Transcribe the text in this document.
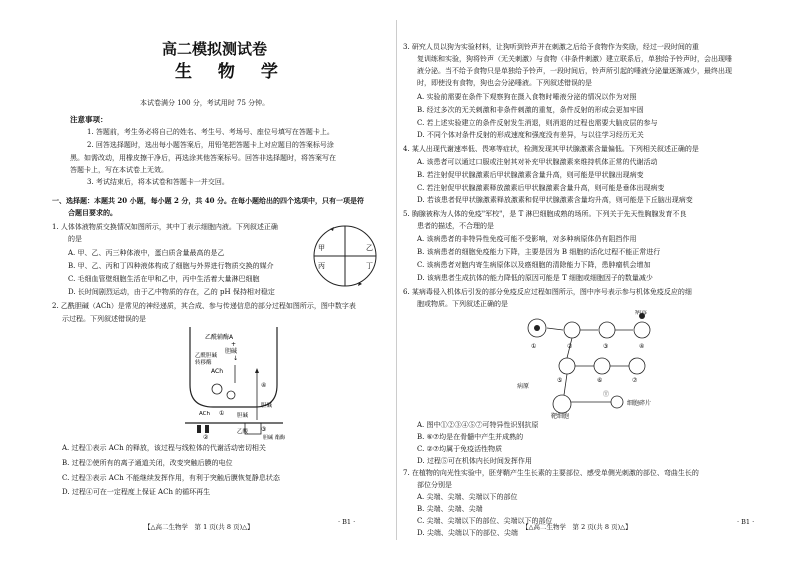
高二模拟测试卷
生 物 学
本试卷满分 100 分，考试用时 75 分钟。
注意事项：
1. 答题前，考生务必将自己的姓名、考生号、考场号、座位号填写在答题卡上。
2. 回答选择题时，选出每小题答案后，用铅笔把答题卡上对应题目的答案标号涂
黑。如需改动，用橡皮擦干净后，再选涂其他答案标号。回答非选择题时，将答案写在
答题卡上，写在本试卷上无效。
3. 考试结束后，将本试卷和答题卡一并交回。
一、选择题：本题共 20 小题，每小题 2 分，共 40 分。在每小题给出的四个选项中，只有一项是符
合题目要求的。
1. 人体体液物质交换情况如图所示，其中丁表示细胞内液。下列叙述正确
的是
A. 甲、乙、丙三种体液中，蛋白质含量最高的是乙
B. 甲、乙、丙和丁四种液体构成了细胞与外界进行物质交换的媒介
C. 毛细血管壁细胞生活在甲和乙中，丙中生活着大量淋巴细胞
D. 长时间剧烈运动，由于乙中物质的存在，乙的 pH 保持相对稳定
甲	乙
丙	丁
2. 乙酰胆碱（ACh）是常见的神经递质，其合成、参与传递信息的部分过程如图所示，图中数字表
示过程。下列叙述错误的是
乙酰辅酶A
+
胆碱
↓
乙酰胆碱
转移酶
ACh
①
②
③
④
ACh	胆碱
胆碱
乙酸
胆碱 酯酶
A. 过程①表示 ACh 的释放，该过程与线粒体的代谢活动密切相关
B. 过程②使所有的离子通道关闭，改变突触后膜的电位
C. 过程③表示 ACh 不能继续发挥作用，有利于突触后膜恢复静息状态
D. 过程④可在一定程度上保证 ACh 的循环再生
【△高二生物学　第 1 页(共 8 页)△】
· B1 ·
3. 研究人员以狗为实验材料，让狗听到铃声并在刺激之后给予食物作为奖励，经过一段时间的重
复训练和实验，狗将铃声（无关刺激）与食物（非条件刺激）建立联系后，单独给予铃声时，会出现唾
液分泌。当不给予食物只是单独给予铃声，一段时间后，铃声所引起的唾液分泌量逐渐减少，最终出现
时，即使没有食物，狗也会分泌唾液。下列叙述错误的是
A. 实验前需要在条件下观察狗在摄入食物时唾液分泌的情况以作为对照
B. 经过多次的无关刺激和非条件刺激的重复，条件反射的形成会更加牢固
C. 若上述实验建立的条件反射发生消退，则消退的过程也需要大脑皮层的参与
D. 不同个体对条件反射的形成速度和强度没有差异，与以往学习经历无关
4. 某人出现代谢速率低、畏寒等症状，检测发现其甲状腺激素含量偏低。下列相关叙述正确的是
A. 该患者可以通过口服或注射其对补充甲状腺激素来维持机体正常的代谢活动
B. 若注射促甲状腺激素后甲状腺激素含量升高，则可能是甲状腺出现病变
C. 若注射促甲状腺激素释放激素后甲状腺激素含量升高，则可能是垂体出现病变
D. 若该患者促甲状腺激素释放激素和促甲状腺激素含量均升高，则可能是下丘脑出现病变
5. 胸腺被称为人体的免疫"军校"，是 T 淋巴细胞成熟的场所。下列关于先天性胸腺发育不良
患者的描述，不合理的是
A. 该病患者的非特异性免疫可能不受影响，对多种病原体仍有阻挡作用
B. 该病患者的细胞免疫能力下降，主要是因为 B 细胞的活化过程不能正常进行
C. 该病患者对胞内寄生病原体以及癌细胞的清除能力下降，患肿瘤机会增加
D. 该病患者生成抗体的能力降低的原因可能是 T 细胞或细胞因子的数量减少
6. 某病毒侵入机体后引发的部分免疫反应过程如图所示，图中序号表示参与机体免疫反应的细
胞或物质。下列叙述正确的是
病毒
病原
①	②	③	④
⑤	⑥	⑦
靶细胞
细胞碎片
Ⓣ
A. 图中①②③④⑤⑦可特异性识别抗原
B. ⑥⑦均是在骨髓中产生并成熟的
C. ②⑦均属于免疫活性物质
D. 过程⑤可在机体内长时间发挥作用
7. 在植物的向光性实验中，胚芽鞘产生生长素的主要部位、感受单侧光刺激的部位、弯曲生长的
部位分别是
A. 尖端、尖端、尖端以下的部位
B. 尖端、尖端、尖端
C. 尖端、尖端以下的部位、尖端以下的部位
D. 尖端、尖端以下的部位、尖端
【△高二生物学　第 2 页(共 8 页)△】
· B1 ·
